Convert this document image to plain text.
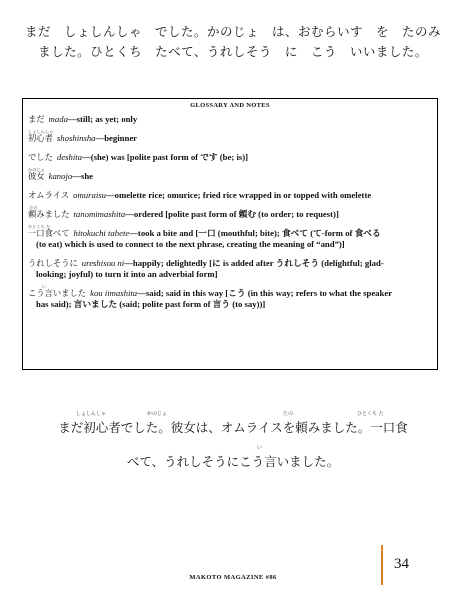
まだ　しょしんしゃ　でした。かのじょ　は、おむらいす　を　たのみ
ました。ひとくち　たべて、うれしそう　に　こう　いいました。
GLOSSARY AND NOTES
まだ mada—still; as yet; only
しょしんしゃ
初心者 shoshinsha—beginner
でした deshita—(she) was [polite past form of です (be; is)]
かのじょ
彼女 kanojo—she
オムライス omuraisu—omelette rice; omurice; fried rice wrapped in or topped with omelette
たの
頼みました tanomimashita—ordered [polite past form of 頼む (to order; to request)]
ひとくち た
一口食べて hitokuchi tabete—took a bite and [一口 (mouthful; bite); 食べて (て-form of 食べる
(to eat) which is used to connect to the next phrase, creating the meaning of “and”)]
うれしそうに ureshisou ni—happily; delightedly [に is added after うれしそう (delightful; glad-
looking; joyful) to turn it into an adverbial form]
い
こう言いました kou iimashita—said; said in this way [こう (in this way; refers to what the speaker
has said); 言いました (said; polite past form of 言う (to say))]
しょしんしゃ	かのじょ	たの	ひとくち た
い
まだ初心者でした。彼女は、オムライスを頼みました。一口食
べて、うれしそうにこう言いました。
34
MAKOTO MAGAZINE #86
